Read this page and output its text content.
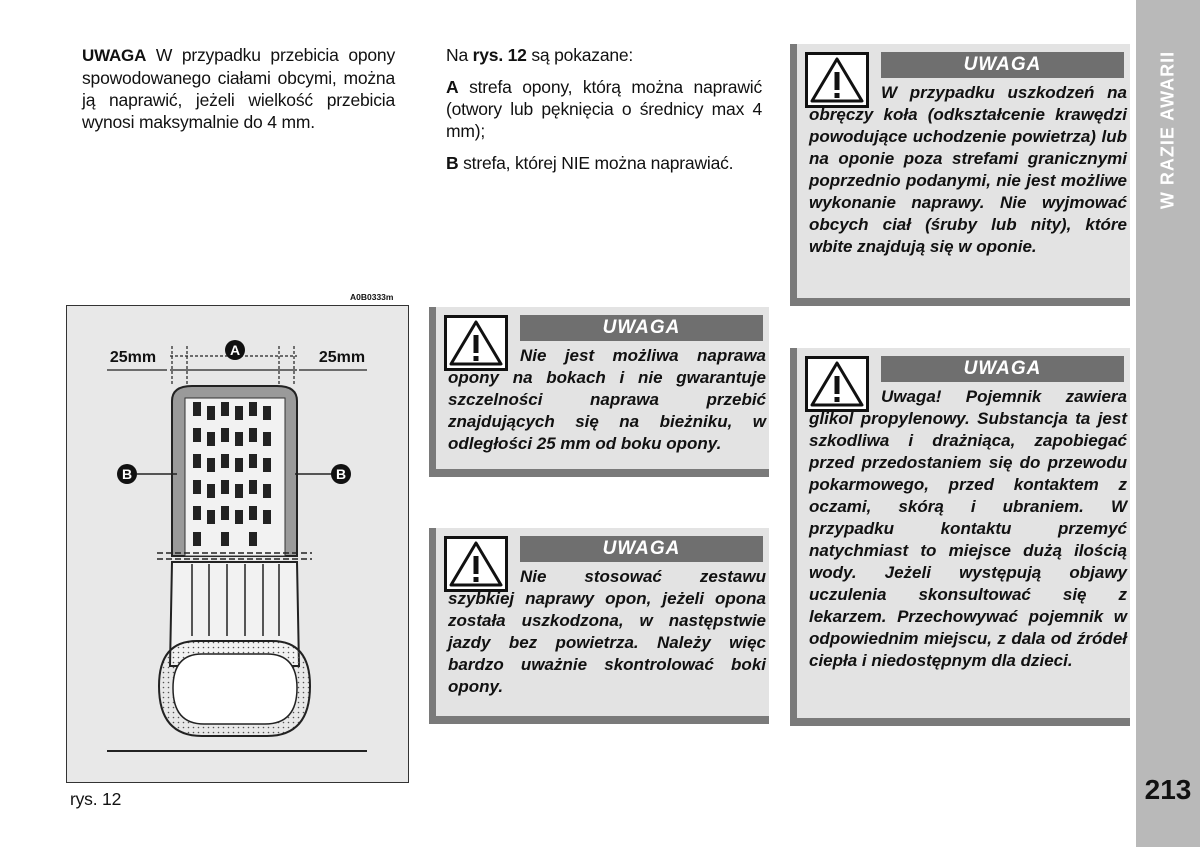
W RAZIE AWARII
213
UWAGA W przypadku przebicia opony spowodowanego ciałami obcymi, można ją naprawić, jeżeli wielkość przebicia wynosi maksymalnie do 4 mm.
Na rys. 12 są pokazane:
A strefa opony, którą można naprawić (otwory lub pęknięcia o średnicy max 4 mm);
B strefa, której NIE można naprawiać.
A0B0333m
A
B	B
25mm	25mm
rys. 12
UWAGA
W przypadku uszkodzeń na obręczy koła (odkształcenie krawędzi powodujące uchodzenie powietrza) lub na oponie poza strefami granicznymi poprzednio podanymi, nie jest możliwe wykonanie naprawy. Nie wyjmować obcych ciał (śruby lub nity), które wbite znajdują się w oponie.
UWAGA
Nie jest możliwa naprawa opony na bokach i nie gwarantuje szczelności naprawa przebić znajdujących się na bieżniku, w odległości 25 mm od boku opony.
UWAGA
Nie stosować zestawu szybkiej naprawy opon, jeżeli opona została uszkodzona, w następstwie jazdy bez powietrza. Należy więc bardzo uważnie skontrolować boki opony.
UWAGA
Uwaga! Pojemnik zawiera glikol propylenowy. Substancja ta jest szkodliwa i drażniąca, zapobiegać przed przedostaniem się do przewodu pokarmowego, przed kontaktem z oczami, skórą i ubraniem. W przypadku kontaktu przemyć natychmiast to miejsce dużą ilością wody. Jeżeli występują objawy uczulenia skonsultować się z lekarzem. Przechowywać pojemnik w odpowiednim miejscu, z dala od źródeł ciepła i niedostępnym dla dzieci.
